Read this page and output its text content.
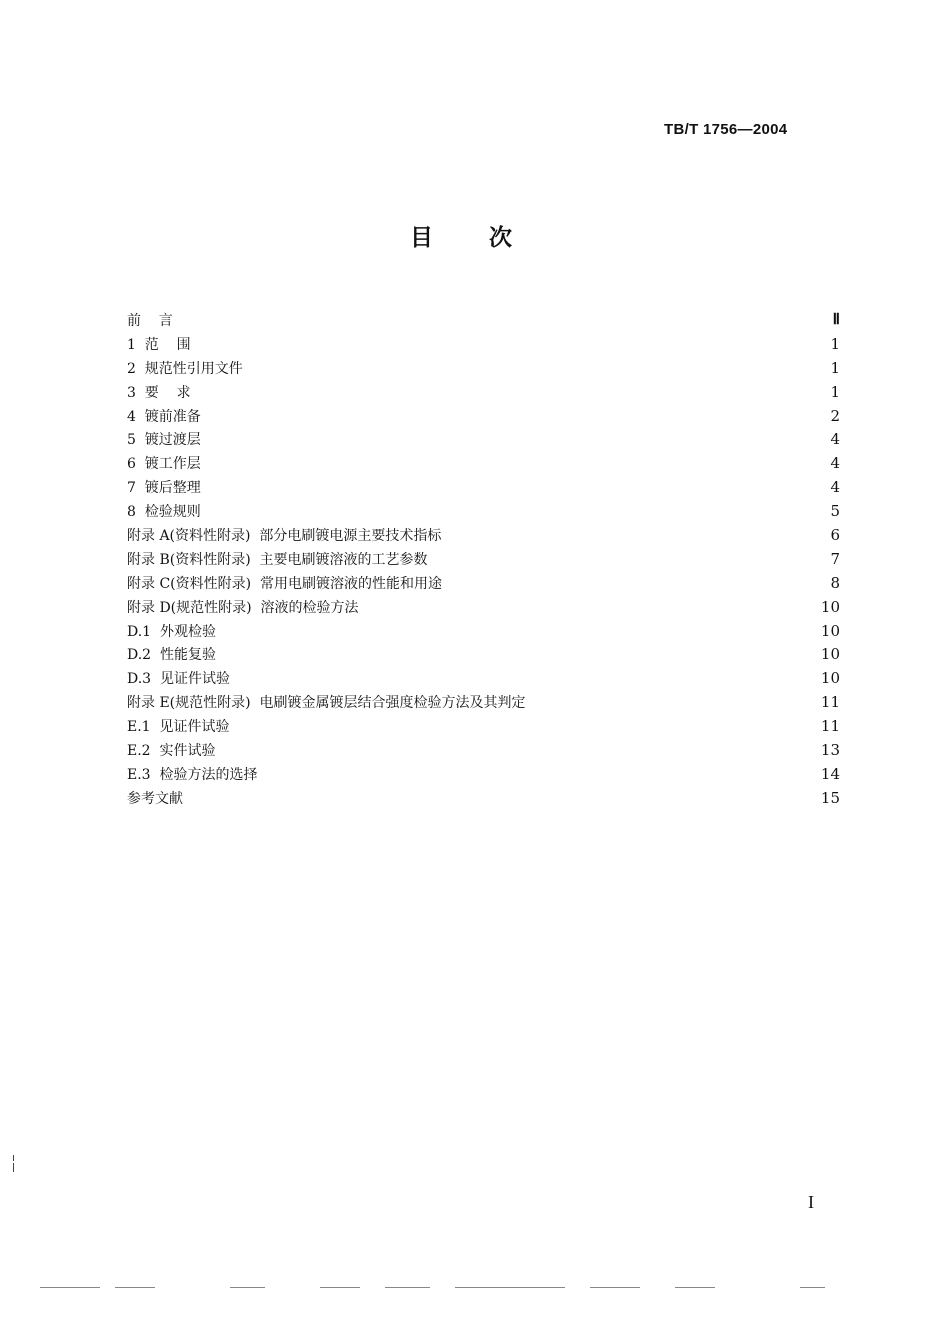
TB/T 1756—2004
目次
前    言	Ⅱ
1  范    围	1
2  规范性引用文件	1
3  要    求	1
4  镀前准备	2
5  镀过渡层	4
6  镀工作层	4
7  镀后整理	4
8  检验规则	5
附录 A(资料性附录)  部分电刷镀电源主要技术指标	6
附录 B(资料性附录)  主要电刷镀溶液的工艺参数	7
附录 C(资料性附录)  常用电刷镀溶液的性能和用途	8
附录 D(规范性附录)  溶液的检验方法	10
D.1  外观检验	10
D.2  性能复验	10
D.3  见证件试验	10
附录 E(规范性附录)  电刷镀金属镀层结合强度检验方法及其判定	11
E.1  见证件试验	11
E.2  实件试验	13
E.3  检验方法的选择	14
参考文献	15
I
